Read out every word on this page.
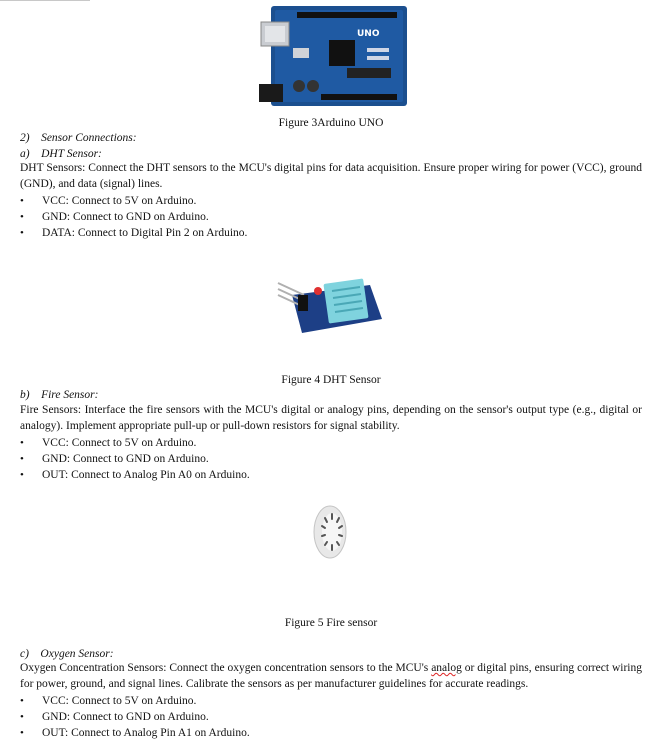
UNO
Figure 3Arduino UNO
2) Sensor Connections:
a) DHT Sensor:
DHT Sensors: Connect the DHT sensors to the MCU's digital pins for data acquisition. Ensure proper wiring for power (VCC), ground (GND), and data (signal) lines.
• VCC: Connect to 5V on Arduino.
• GND: Connect to GND on Arduino.
• DATA: Connect to Digital Pin 2 on Arduino.
Figure 4 DHT Sensor
b) Fire Sensor:
Fire Sensors: Interface the fire sensors with the MCU's digital or analogy pins, depending on the sensor's output type (e.g., digital or analogy). Implement appropriate pull-up or pull-down resistors for signal stability.
• VCC: Connect to 5V on Arduino.
• GND: Connect to GND on Arduino.
• OUT: Connect to Analog Pin A0 on Arduino.
Figure 5 Fire sensor
c) Oxygen Sensor:
Oxygen Concentration Sensors: Connect the oxygen concentration sensors to the MCU's analog or digital pins, ensuring correct wiring for power, ground, and signal lines. Calibrate the sensors as per manufacturer guidelines for accurate readings.
• VCC: Connect to 5V on Arduino.
• GND: Connect to GND on Arduino.
• OUT: Connect to Analog Pin A1 on Arduino.
